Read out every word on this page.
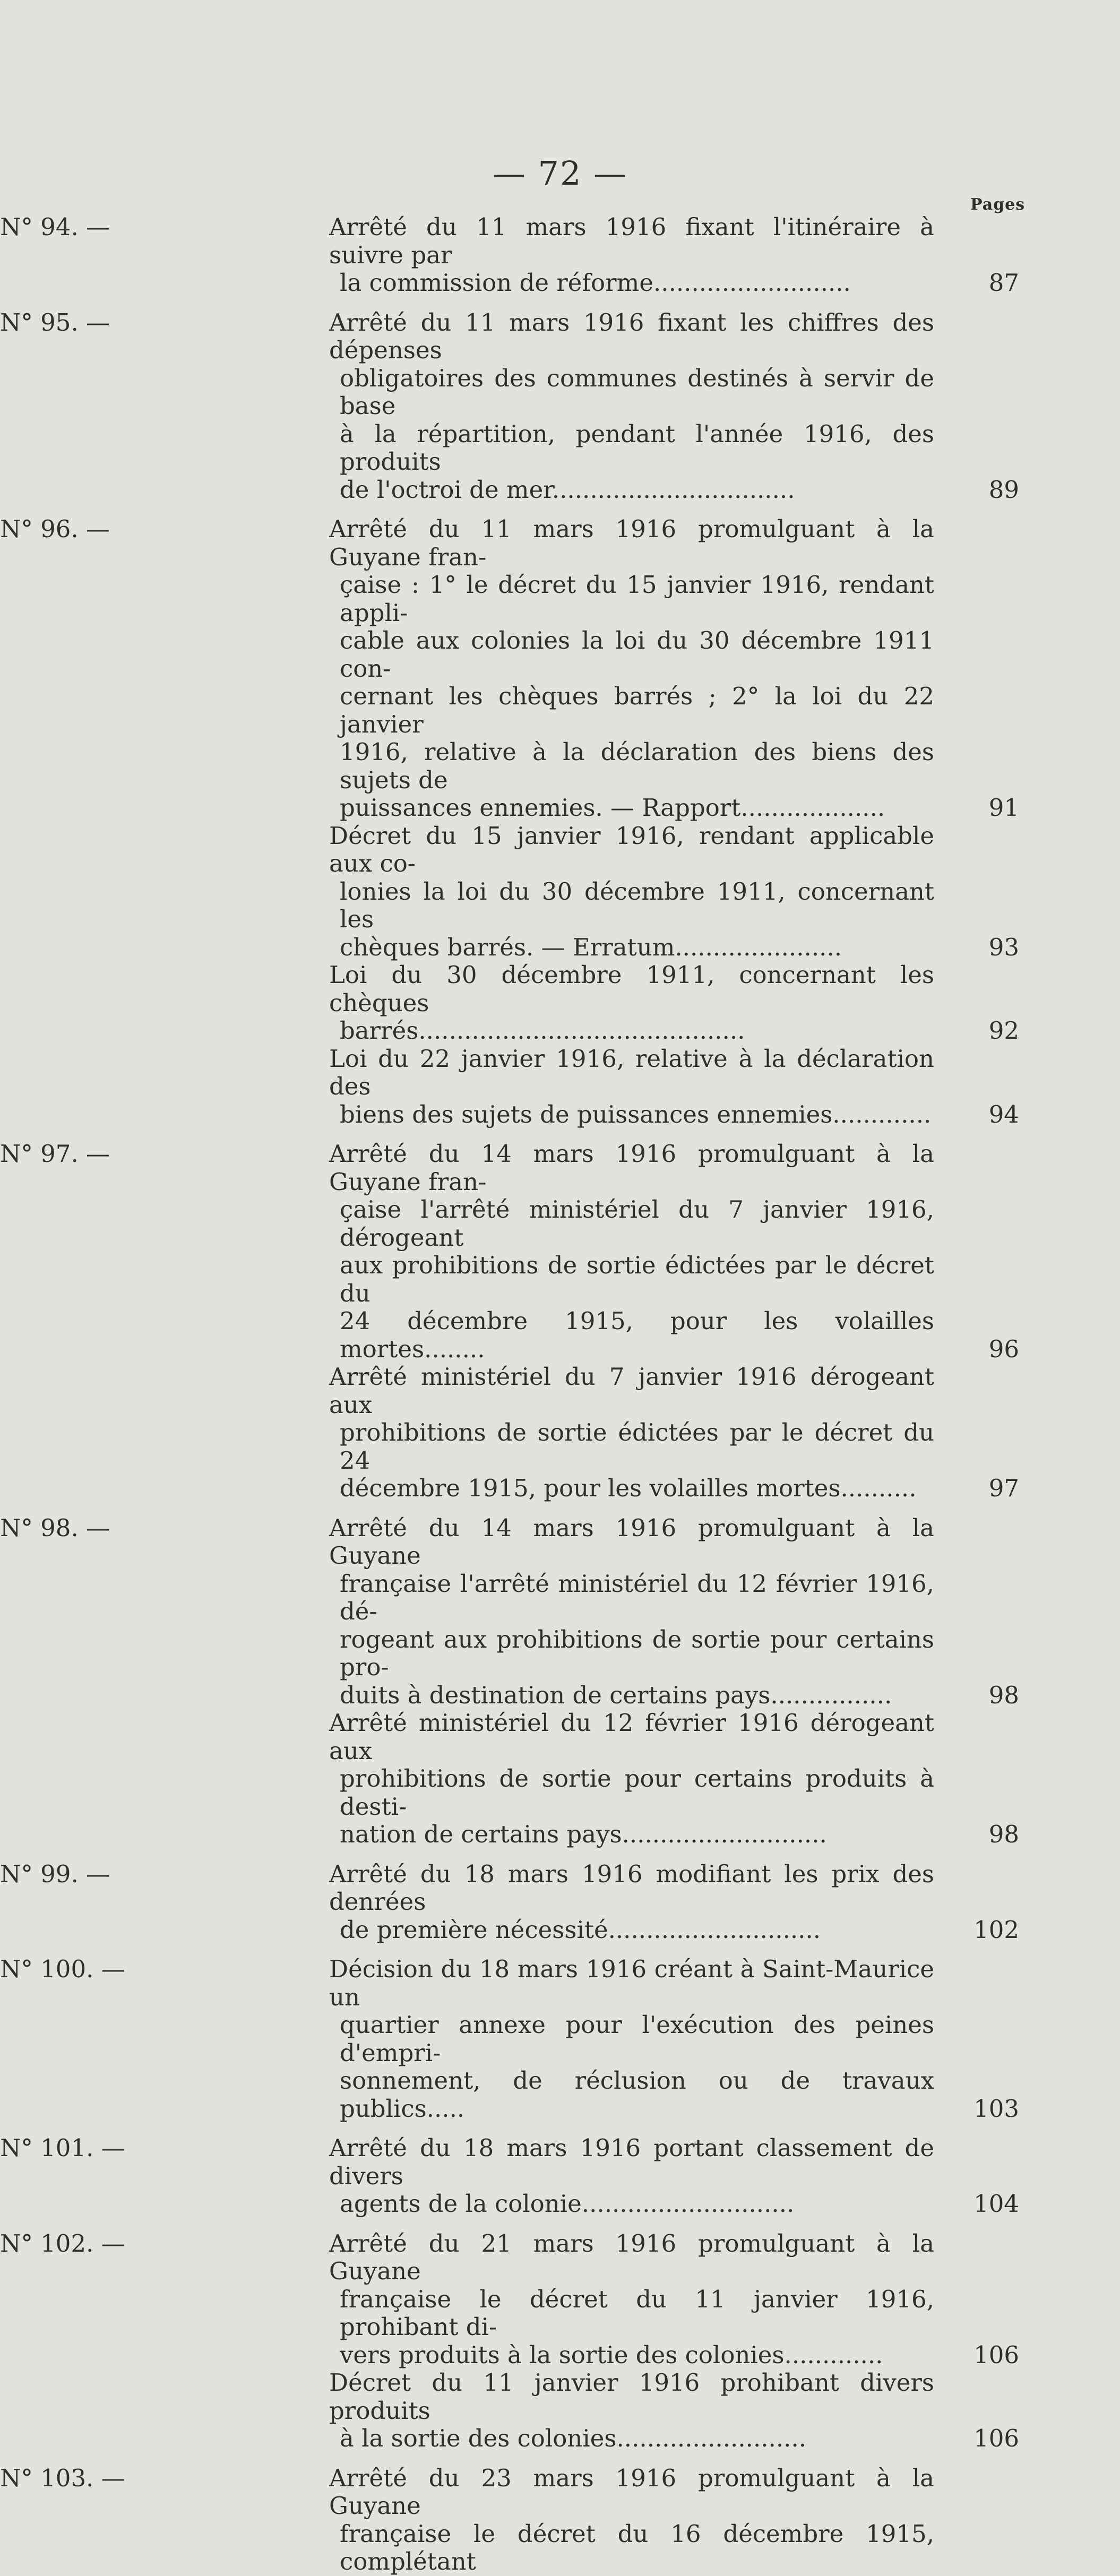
— 72 —
Pages
N° 94. —	Arrêté du 11 mars 1916 fixant l'itinéraire à suivre par
la commission de réforme..........................	87
N° 95. —	Arrêté du 11 mars 1916 fixant les chiffres des dépenses
obligatoires des communes destinés à servir de base
à la répartition, pendant l'année 1916, des produits
de l'octroi de mer................................	89
N° 96. —	Arrêté du 11 mars 1916 promulguant à la Guyane fran-
çaise : 1° le décret du 15 janvier 1916, rendant appli-
cable aux colonies la loi du 30 décembre 1911 con-
cernant les chèques barrés ; 2° la loi du 22 janvier
1916, relative à la déclaration des biens des sujets de
puissances ennemies. — Rapport...................	91
Décret du 15 janvier 1916, rendant applicable aux co-
lonies la loi du 30 décembre 1911, concernant les
chèques barrés. — Erratum......................	93
Loi du 30 décembre 1911, concernant les chèques
barrés...........................................	92
Loi du 22 janvier 1916, relative à la déclaration des
biens des sujets de puissances ennemies.............	94
N° 97. —	Arrêté du 14 mars 1916 promulguant à la Guyane fran-
çaise l'arrêté ministériel du 7 janvier 1916, dérogeant
aux prohibitions de sortie édictées par le décret du
24 décembre 1915, pour les volailles mortes........	96
Arrêté ministériel du 7 janvier 1916 dérogeant aux
prohibitions de sortie édictées par le décret du 24
décembre 1915, pour les volailles mortes..........	97
N° 98. —	Arrêté du 14 mars 1916 promulguant à la Guyane
française l'arrêté ministériel du 12 février 1916, dé-
rogeant aux prohibitions de sortie pour certains pro-
duits à destination de certains pays................	98
Arrêté ministériel du 12 février 1916 dérogeant aux
prohibitions de sortie pour certains produits à desti-
nation de certains pays...........................	98
N° 99. —	Arrêté du 18 mars 1916 modifiant les prix des denrées
de première nécessité............................	102
N° 100. —	Décision du 18 mars 1916 créant à Saint-Maurice un
quartier annexe pour l'exécution des peines d'empri-
sonnement, de réclusion ou de travaux publics.....	103
N° 101. —	Arrêté du 18 mars 1916 portant classement de divers
agents de la colonie............................	104
N° 102. —	Arrêté du 21 mars 1916 promulguant à la Guyane
française le décret du 11 janvier 1916, prohibant di-
vers produits à la sortie des colonies.............	106
Décret du 11 janvier 1916 prohibant divers produits
à la sortie des colonies.........................	106
N° 103. —	Arrêté du 23 mars 1916 promulguant à la Guyane
française le décret du 16 décembre 1915, complétant
